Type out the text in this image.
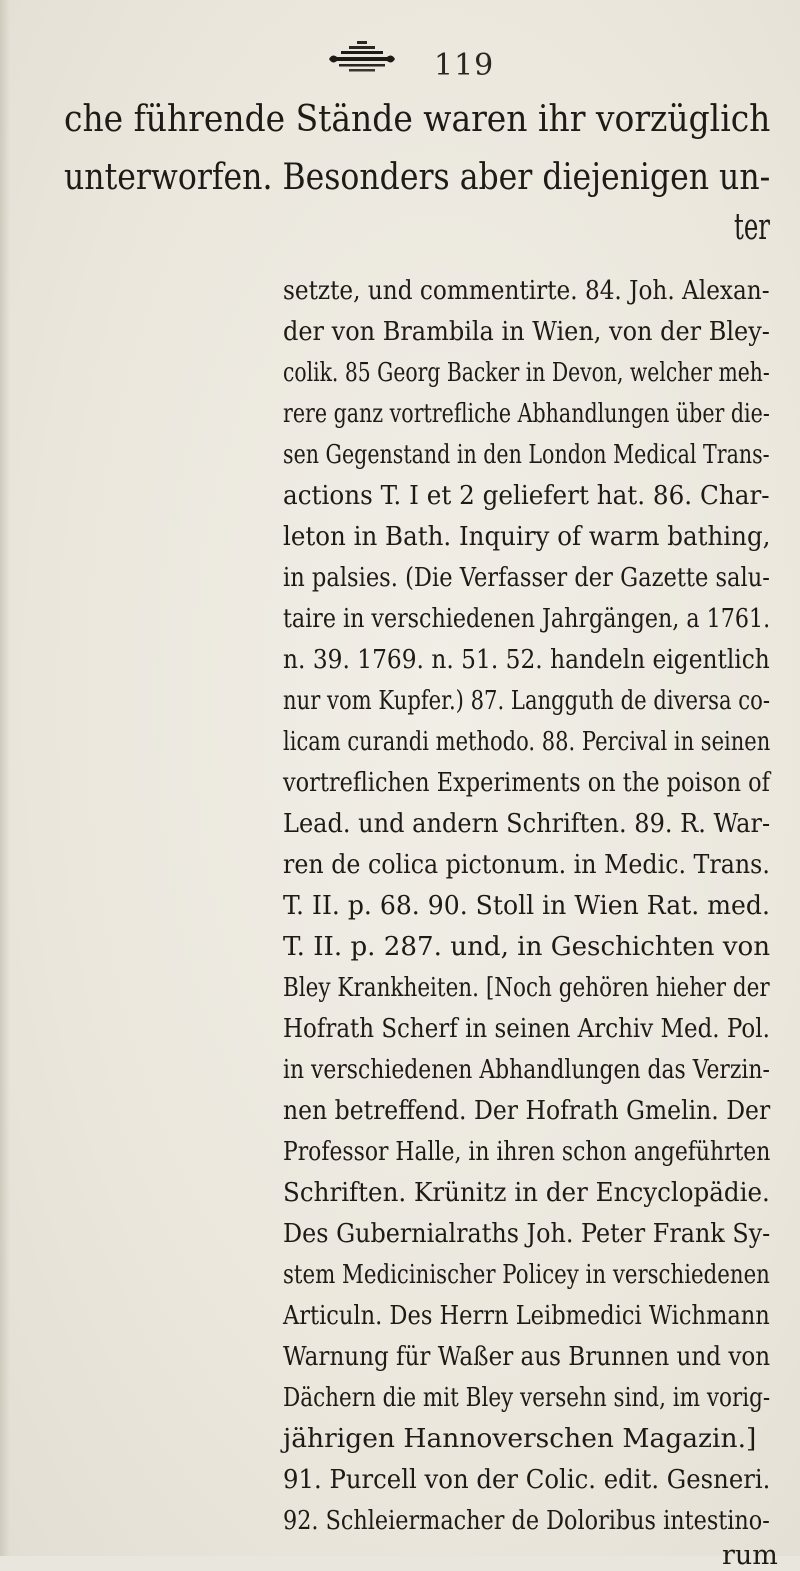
119
che führende Stände waren ihr vorzüglich
unterworfen. Besonders aber diejenigen un-
ter
setzte, und commentirte. 84. Joh. Alexan-
der von Brambila in Wien, von der Bley-
colik. 85 Georg Backer in Devon, welcher meh-
rere ganz vortrefliche Abhandlungen über die-
sen Gegenstand in den London Medical Trans-
actions T. I et 2 geliefert hat. 86. Char-
leton in Bath. Inquiry of warm bathing,
in palsies. (Die Verfasser der Gazette salu-
taire in verschiedenen Jahrgängen, a 1761.
n. 39. 1769. n. 51. 52. handeln eigentlich
nur vom Kupfer.) 87. Langguth de diversa co-
licam curandi methodo. 88. Percival in seinen
vortreflichen Experiments on the poison of
Lead. und andern Schriften. 89. R. War-
ren de colica pictonum. in Medic. Trans.
T. II. p. 68. 90. Stoll in Wien Rat. med.
T. II. p. 287. und, in Geschichten von
Bley Krankheiten. [Noch gehören hieher der
Hofrath Scherf in seinen Archiv Med. Pol.
in verschiedenen Abhandlungen das Verzin-
nen betreffend. Der Hofrath Gmelin. Der
Professor Halle, in ihren schon angeführten
Schriften. Krünitz in der Encyclopädie.
Des Gubernialraths Joh. Peter Frank Sy-
stem Medicinischer Policey in verschiedenen
Articuln. Des Herrn Leibmedici Wichmann
Warnung für Waßer aus Brunnen und von
Dächern die mit Bley versehn sind, im vorig-
jährigen Hannoverschen Magazin.]
91. Purcell von der Colic. edit. Gesneri.
92. Schleiermacher de Doloribus intestino-
rum
